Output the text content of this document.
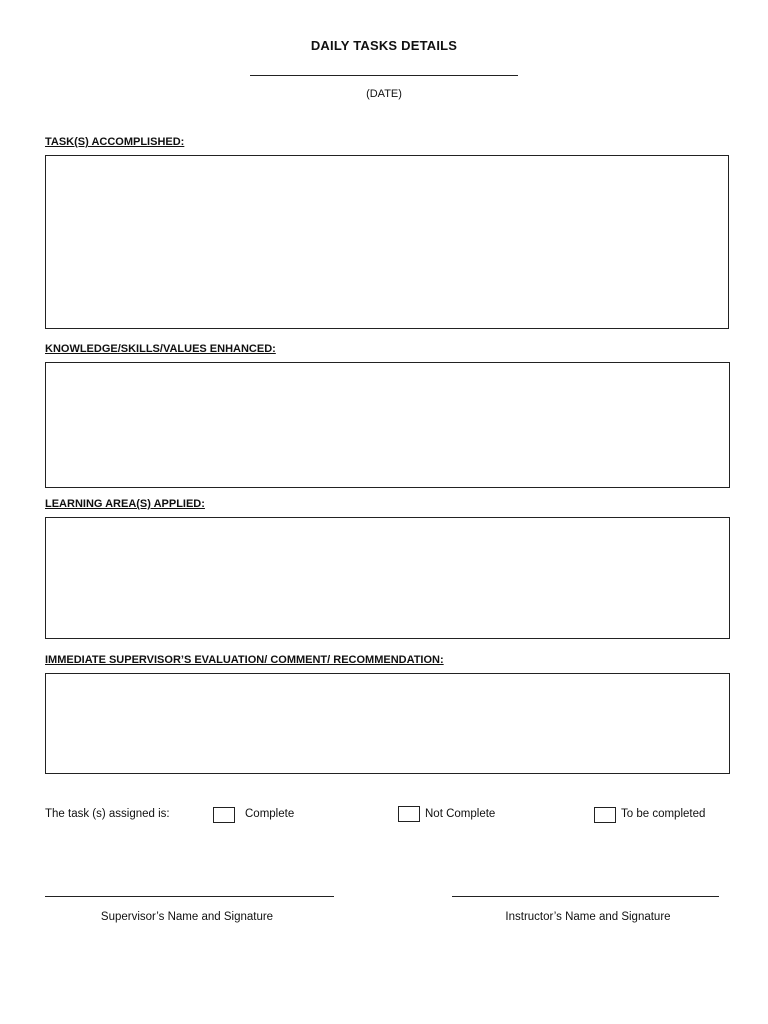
DAILY TASKS DETAILS
(DATE)
TASK(S) ACCOMPLISHED:
KNOWLEDGE/SKILLS/VALUES ENHANCED:
LEARNING AREA(S) APPLIED:
IMMEDIATE SUPERVISOR’S EVALUATION/ COMMENT/ RECOMMENDATION:
The task (s) assigned is:	Complete	Not Complete	To be completed
Supervisor’s Name and Signature	Instructor’s Name and Signature
